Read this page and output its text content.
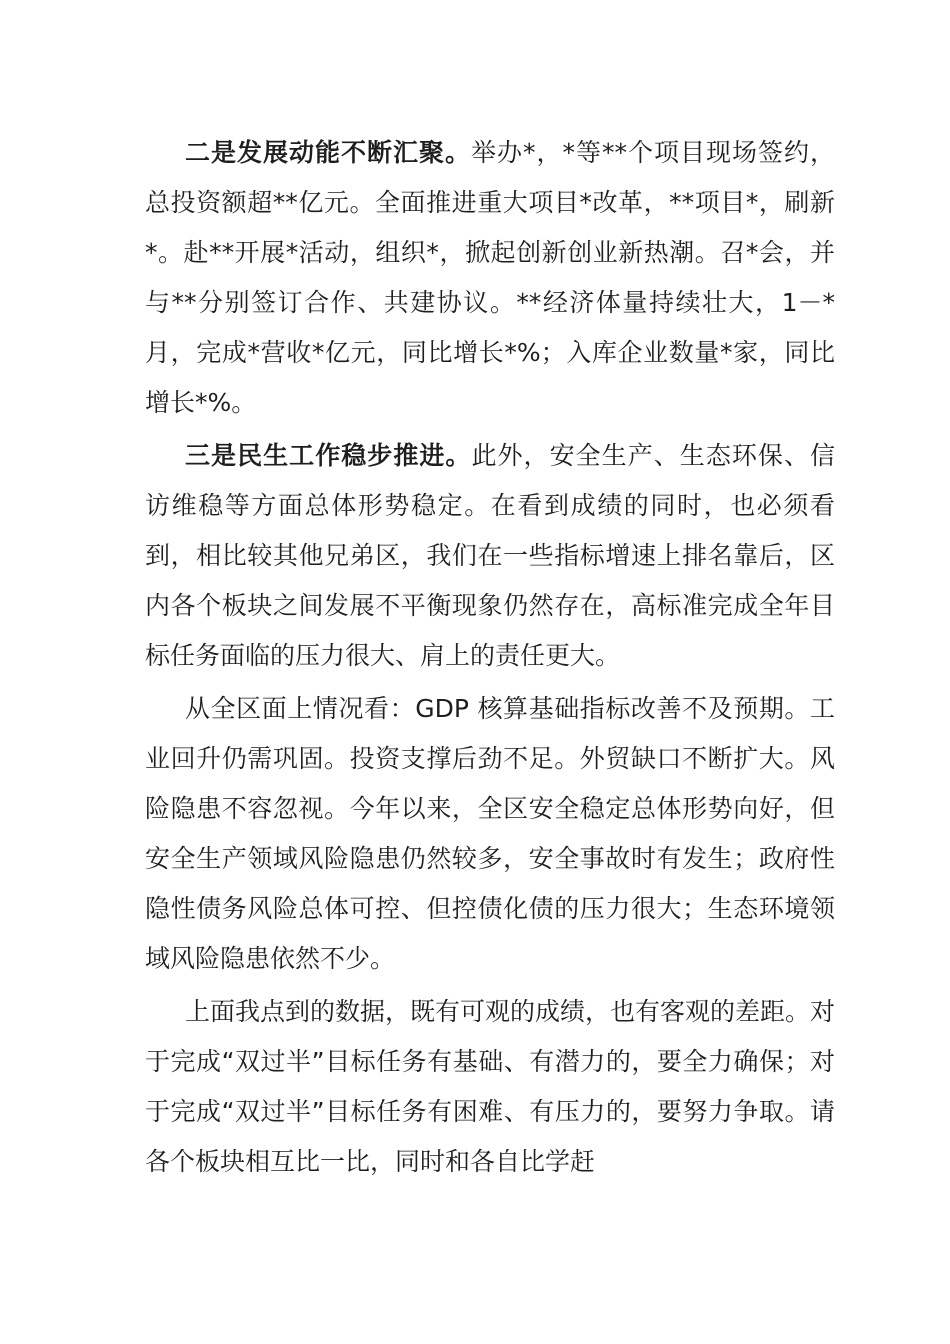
二是发展动能不断汇聚。举办*，*等**个项目现场签约，总投资额超**亿元。全面推进重大项目*改革，**项目*，刷新*。赴**开展*活动，组织*，掀起创新创业新热潮。召*会，并与**分别签订合作、共建协议。**经济体量持续壮大，1－*月，完成*营收*亿元，同比增长*%；入库企业数量*家，同比增长*%。

三是民生工作稳步推进。此外，安全生产、生态环保、信访维稳等方面总体形势稳定。在看到成绩的同时，也必须看到，相比较其他兄弟区，我们在一些指标增速上排名靠后，区内各个板块之间发展不平衡现象仍然存在，高标准完成全年目标任务面临的压力很大、肩上的责任更大。

从全区面上情况看：GDP 核算基础指标改善不及预期。工业回升仍需巩固。投资支撑后劲不足。外贸缺口不断扩大。风险隐患不容忽视。今年以来，全区安全稳定总体形势向好，但安全生产领域风险隐患仍然较多，安全事故时有发生；政府性隐性债务风险总体可控、但控债化债的压力很大；生态环境领域风险隐患依然不少。

上面我点到的数据，既有可观的成绩，也有客观的差距。对于完成“双过半”目标任务有基础、有潜力的，要全力确保；对于完成“双过半”目标任务有困难、有压力的，要努力争取。请各个板块相互比一比，同时和各自比学赶
